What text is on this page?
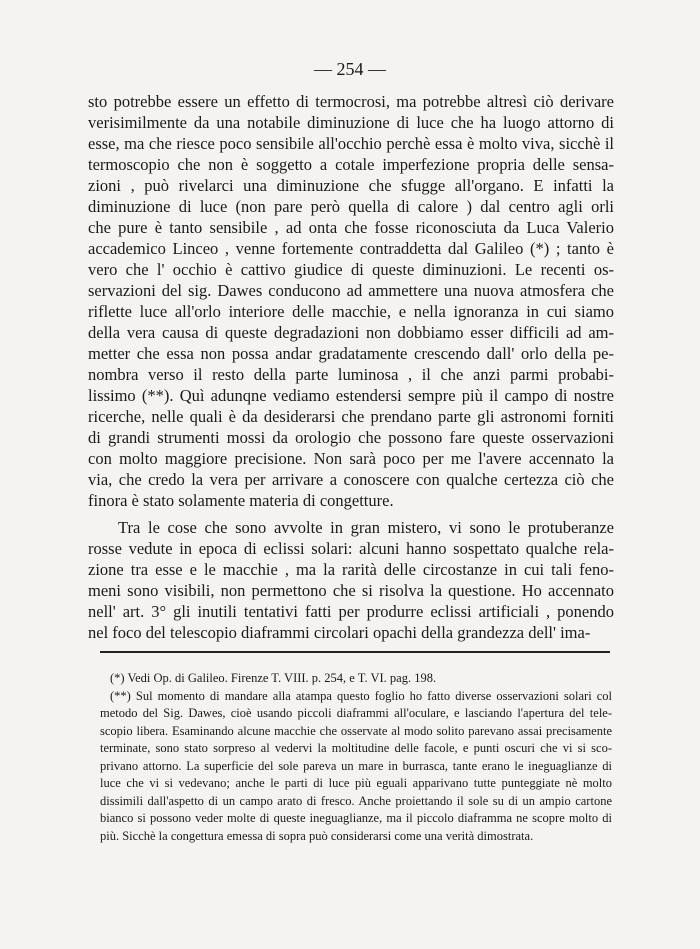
— 254 —
sto potrebbe essere un effetto di termocrosi, ma potrebbe altresì ciò derivare
verisimilmente da una notabile diminuzione di luce che ha luogo attorno di
esse, ma che riesce poco sensibile all'occhio perchè essa è molto viva, sicchè il
termoscopio che non è soggetto a cotale imperfezione propria delle sensa-
zioni , può rivelarci una diminuzione che sfugge all'organo. E infatti la
diminuzione di luce (non pare però quella di calore ) dal centro agli orli
che pure è tanto sensibile , ad onta che fosse riconosciuta da Luca Valerio
accademico Linceo , venne fortemente contraddetta dal Galileo (*) ; tanto è
vero che l' occhio è cattivo giudice di queste diminuzioni. Le recenti os-
servazioni del sig. Dawes conducono ad ammettere una nuova atmosfera che
riflette luce all'orlo interiore delle macchie, e nella ignoranza in cui siamo
della vera causa di queste degradazioni non dobbiamo esser difficili ad am-
metter che essa non possa andar gradatamente crescendo dall' orlo della pe-
nombra verso il resto della parte luminosa , il che anzi parmi probabi-
lissimo (**). Quì adunqne vediamo estendersi sempre più il campo di nostre
ricerche, nelle quali è da desiderarsi che prendano parte gli astronomi forniti
di grandi strumenti mossi da orologio che possono fare queste osservazioni
con molto maggiore precisione. Non sarà poco per me l'avere accennato la
via, che credo la vera per arrivare a conoscere con qualche certezza ciò che
finora è stato solamente materia di congetture.
Tra le cose che sono avvolte in gran mistero, vi sono le protuberanze
rosse vedute in epoca di eclissi solari: alcuni hanno sospettato qualche rela-
zione tra esse e le macchie , ma la rarità delle circostanze in cui tali feno-
meni sono visibili, non permettono che si risolva la questione. Ho accennato
nell' art. 3° gli inutili tentativi fatti per produrre eclissi artificiali , ponendo
nel foco del telescopio diaframmi circolari opachi della grandezza dell' ima-
(*) Vedi Op. di Galileo. Firenze T. VIII. p. 254, e T. VI. pag. 198.
(**) Sul momento di mandare alla atampa questo foglio ho fatto diverse osservazioni solari col
metodo del Sig. Dawes, cioè usando piccoli diaframmi all'oculare, e lasciando l'apertura del tele-
scopio libera. Esaminando alcune macchie che osservate al modo solito parevano assai precisamente
terminate, sono stato sorpreso al vedervi la moltitudine delle facole, e punti oscuri che vi si sco-
privano attorno. La superficie del sole pareva un mare in burrasca, tante erano le ineguaglianze di
luce che vi si vedevano; anche le parti di luce più eguali apparivano tutte punteggiate nè molto
dissimili dall'aspetto di un campo arato di fresco. Anche proiettando il sole su di un ampio cartone
bianco si possono veder molte di queste ineguaglianze, ma il piccolo diaframma ne scopre molto di
più. Sicchè la congettura emessa di sopra può considerarsi come una verità dimostrata.
